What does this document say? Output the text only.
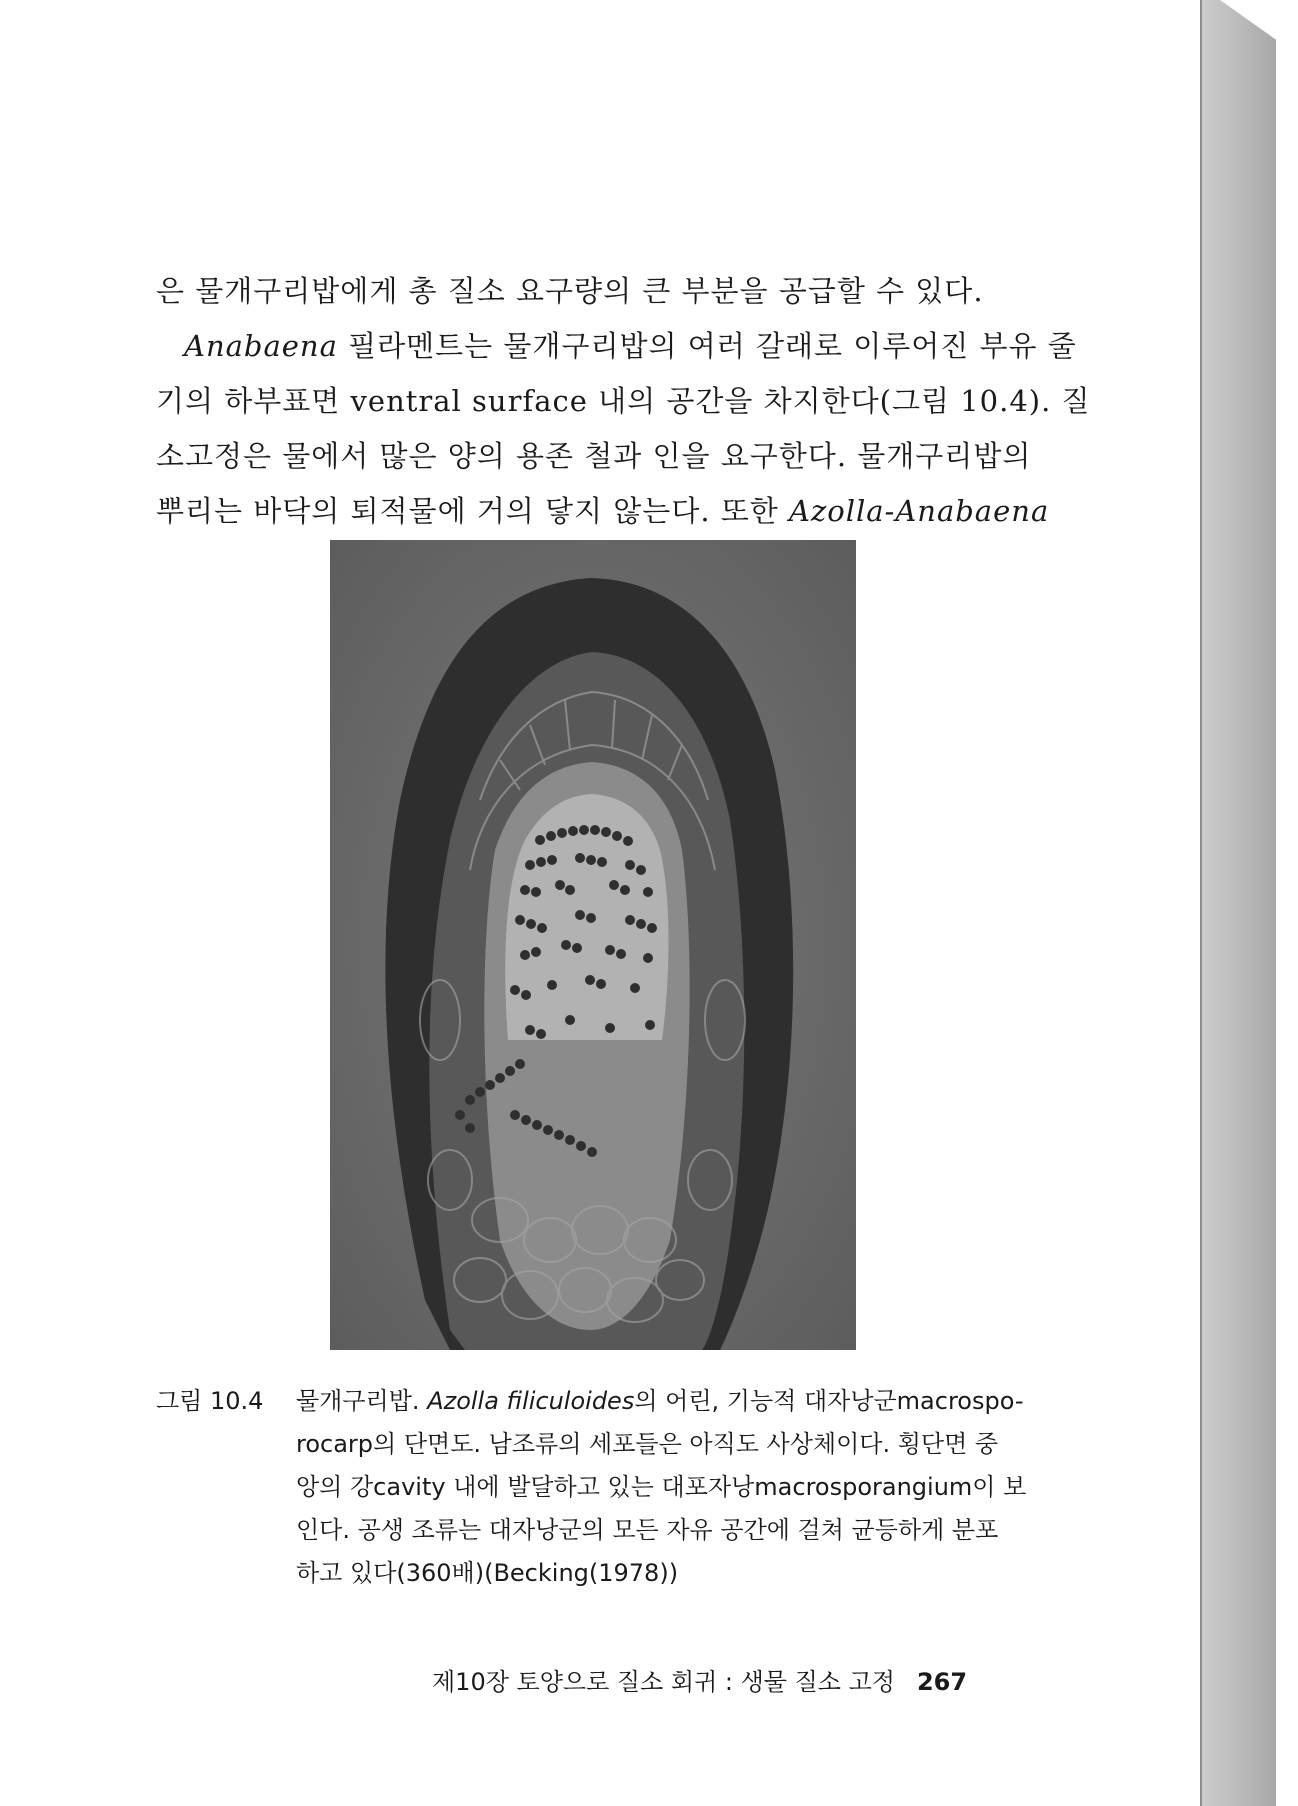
은 물개구리밥에게 총 질소 요구량의 큰 부분을 공급할 수 있다.

Anabaena 필라멘트는 물개구리밥의 여러 갈래로 이루어진 부유 줄

기의 하부표면 ventral surface 내의 공간을 차지한다(그림 10.4). 질

소고정은 물에서 많은 양의 용존 철과 인을 요구한다. 물개구리밥의

뿌리는 바닥의 퇴적물에 거의 닿지 않는다. 또한 Azolla-Anabaena

그림 10.4 물개구리밥. Azolla filiculoides의 어린, 기능적 대자낭군macrospo-
rocarp의 단면도. 남조류의 세포들은 아직도 사상체이다. 횡단면 중
앙의 강cavity 내에 발달하고 있는 대포자낭macrosporangium이 보
인다. 공생 조류는 대자낭군의 모든 자유 공간에 걸쳐 균등하게 분포
하고 있다(360배)(Becking(1978))
제10장 토양으로 질소 회귀 : 생물 질소 고정 267
